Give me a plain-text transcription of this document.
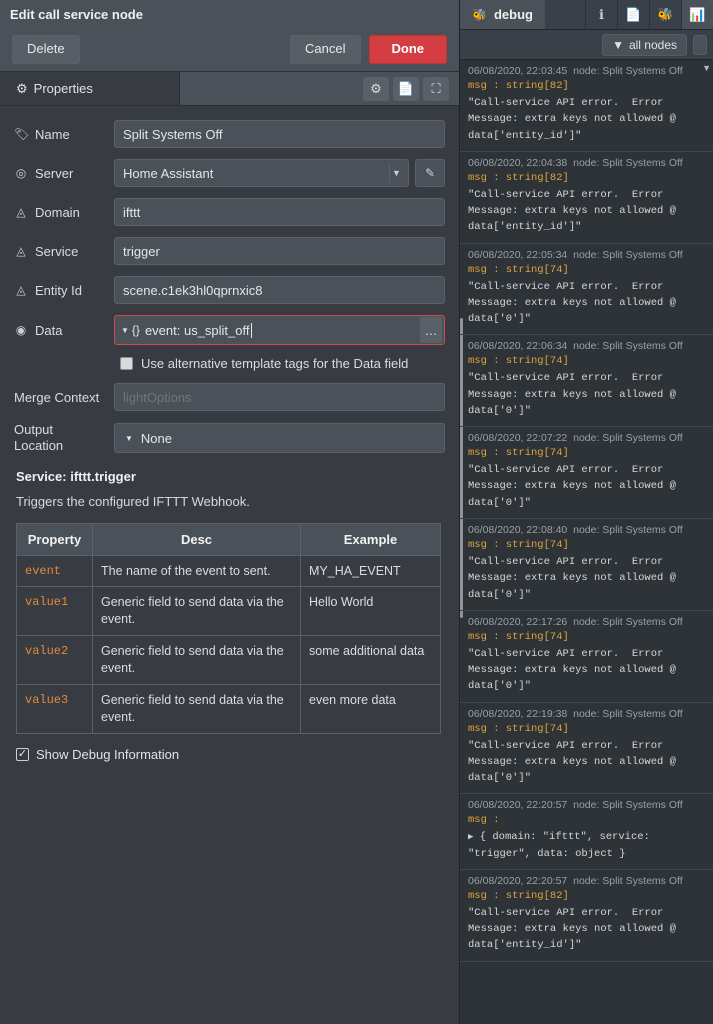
Edit call service node
Delete	Cancel	Done
⚙ Properties	⚙	📄	⛶
🏷 Name
Split Systems Off
◎ Server	Home Assistant	▼	✎
◬ Domain
ifttt
◬ Service
trigger
◬ Entity Id
scene.c1ek3hl0qprnxic8
◉ Data	▼ {} event: us_split_off	…
Use alternative template tags for the Data field
Merge Context
lightOptions
Output
Location	▼ None
Service: ifttt.trigger
Triggers the configured IFTTT Webhook.
Property	Desc	Example
event	The name of the event to sent.	MY_HA_EVENT
value1	Generic field to send data via the event.	Hello World
value2	Generic field to send data via the event.	some additional data
value3	Generic field to send data via the event.	even more data
✓ Show Debug Information
🐝 debug	ℹ	📄	🐝	📊
▼ all nodes
▼
06/08/2020, 22:03:45 node: Split Systems Off
msg : string[82]
"Call-service API error.  Error Message: extra keys not allowed @ data['entity_id']"
06/08/2020, 22:04:38 node: Split Systems Off
msg : string[82]
"Call-service API error.  Error Message: extra keys not allowed @ data['entity_id']"
06/08/2020, 22:05:34 node: Split Systems Off
msg : string[74]
"Call-service API error.  Error Message: extra keys not allowed @ data['0']"
06/08/2020, 22:06:34 node: Split Systems Off
msg : string[74]
"Call-service API error.  Error Message: extra keys not allowed @ data['0']"
06/08/2020, 22:07:22 node: Split Systems Off
msg : string[74]
"Call-service API error.  Error Message: extra keys not allowed @ data['0']"
06/08/2020, 22:08:40 node: Split Systems Off
msg : string[74]
"Call-service API error.  Error Message: extra keys not allowed @ data['0']"
06/08/2020, 22:17:26 node: Split Systems Off
msg : string[74]
"Call-service API error.  Error Message: extra keys not allowed @ data['0']"
06/08/2020, 22:19:38 node: Split Systems Off
msg : string[74]
"Call-service API error.  Error Message: extra keys not allowed @ data['0']"
06/08/2020, 22:20:57 node: Split Systems Off
msg :
▶ { domain: "ifttt", service: "trigger", data: object }
06/08/2020, 22:20:57 node: Split Systems Off
msg : string[82]
"Call-service API error.  Error Message: extra keys not allowed @ data['entity_id']"
